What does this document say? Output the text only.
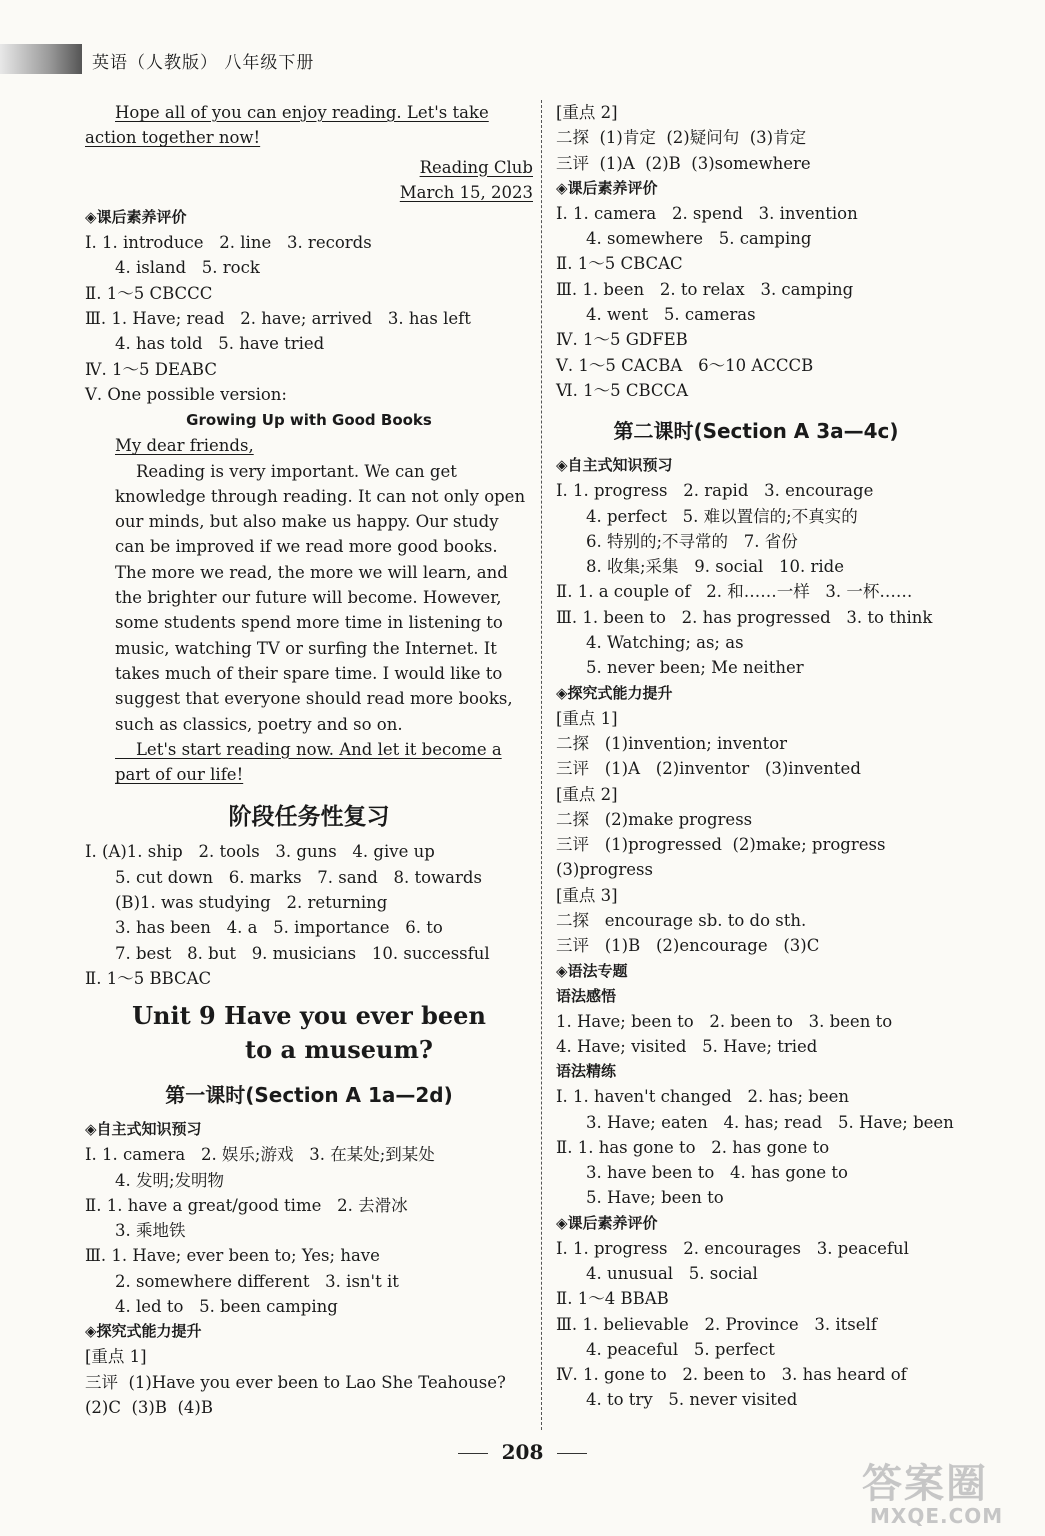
英语（人教版） 八年级下册
Hope all of you can enjoy reading. Let's take
action together now!
Reading Club
March 15, 2023
◈课后素养评价
Ⅰ. 1. introduce   2. line   3. records
4. island   5. rock
Ⅱ. 1～5 CBCCC
Ⅲ. 1. Have; read   2. have; arrived   3. has left
4. has told   5. have tried
Ⅳ. 1～5 DEABC
Ⅴ. One possible version:
Growing Up with Good Books
My dear friends,
Reading is very important. We can get
knowledge through reading. It can not only open
our minds, but also make us happy. Our study
can be improved if we read more good books.
The more we read, the more we will learn, and
the brighter our future will become. However,
some students spend more time in listening to
music, watching TV or surfing the Internet. It
takes much of their spare time. I would like to
suggest that everyone should read more books,
such as classics, poetry and so on.
Let's start reading now. And let it become a
part of our life!
阶段任务性复习
Ⅰ. (A)1. ship   2. tools   3. guns   4. give up
5. cut down   6. marks   7. sand   8. towards
(B)1. was studying   2. returning
3. has been   4. a   5. importance   6. to
7. best   8. but   9. musicians   10. successful
Ⅱ. 1～5 BBCAC
Unit 9 Have you ever been
to a museum?
第一课时(Section A 1a—2d)
◈自主式知识预习
Ⅰ. 1. camera   2. 娱乐;游戏   3. 在某处;到某处
4. 发明;发明物
Ⅱ. 1. have a great/good time   2. 去滑冰
3. 乘地铁
Ⅲ. 1. Have; ever been to; Yes; have
2. somewhere different   3. isn't it
4. led to   5. been camping
◈探究式能力提升
[重点 1]
三评  (1)Have you ever been to Lao She Teahouse?
(2)C  (3)B  (4)B
[重点 2]
二探  (1)肯定  (2)疑问句  (3)肯定
三评  (1)A  (2)B  (3)somewhere
◈课后素养评价
Ⅰ. 1. camera   2. spend   3. invention
4. somewhere   5. camping
Ⅱ. 1～5 CBCAC
Ⅲ. 1. been   2. to relax   3. camping
4. went   5. cameras
Ⅳ. 1～5 GDFEB
Ⅴ. 1～5 CACBA   6～10 ACCCB
Ⅵ. 1～5 CBCCA
第二课时(Section A 3a—4c)
◈自主式知识预习
Ⅰ. 1. progress   2. rapid   3. encourage
4. perfect   5. 难以置信的;不真实的
6. 特别的;不寻常的   7. 省份
8. 收集;采集   9. social   10. ride
Ⅱ. 1. a couple of   2. 和……一样   3. 一杯……
Ⅲ. 1. been to   2. has progressed   3. to think
4. Watching; as; as
5. never been; Me neither
◈探究式能力提升
[重点 1]
二探   (1)invention; inventor
三评   (1)A   (2)inventor   (3)invented
[重点 2]
二探   (2)make progress
三评   (1)progressed  (2)make; progress
(3)progress
[重点 3]
二探   encourage sb. to do sth.
三评   (1)B   (2)encourage   (3)C
◈语法专题
语法感悟
1. Have; been to   2. been to   3. been to
4. Have; visited   5. Have; tried
语法精练
Ⅰ. 1. haven't changed   2. has; been
3. Have; eaten   4. has; read   5. Have; been
Ⅱ. 1. has gone to   2. has gone to
3. have been to   4. has gone to
5. Have; been to
◈课后素养评价
Ⅰ. 1. progress   2. encourages   3. peaceful
4. unusual   5. social
Ⅱ. 1～4 BBAB
Ⅲ. 1. believable   2. Province   3. itself
4. peaceful   5. perfect
Ⅳ. 1. gone to   2. been to   3. has heard of
4. to try   5. never visited
208
答案圈
MXQE.COM
